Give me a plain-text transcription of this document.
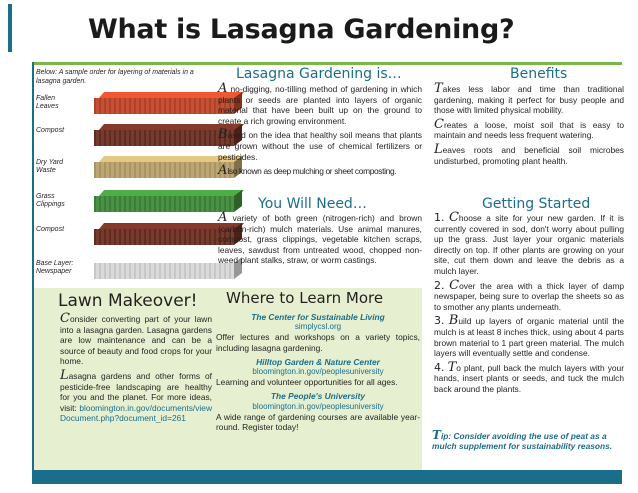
What is Lasagna Gardening?
Below: A sample order for layering of materials in a lasagna garden.
Fallen
Leaves
Compost
Dry Yard
Waste
Grass
Clippings
Compost
Base Layer:
Newspaper
Lasagna Gardening is…

A no-digging, no-tilling method of gardening in which plants or seeds are planted into layers of organic material that have been built up on the ground to create a rich growing environment.

Based on the idea that healthy soil means that plants are grown without the use of chemical fertilizers or pesticides.

Also known as deep mulching or sheet composting.

Benefits

Takes less labor and time than traditional gardening, making it perfect for busy people and those with limited physical mobility.

Creates a loose, moist soil that is easy to maintain and needs less frequent watering.

Leaves roots and beneficial soil microbes undisturbed, promoting plant health.

You Will Need…

A variety of both green (nitrogen-rich) and brown (carbon-rich) mulch materials. Use animal manures, compost, grass clippings, vegetable kitchen scraps, leaves, sawdust from untreated wood, chopped non-weed plant stalks, straw, or worm castings.

Getting Started

1. Choose a site for your new garden. If it is currently covered in sod, don't worry about pulling up the grass. Just layer your organic materials directly on top. If other plants are growing on your site, cut them down and leave the debris as a mulch layer.

2. Cover the area with a thick layer of damp newspaper, being sure to overlap the sheets so as to smother any plants underneath.

3. Build up layers of organic material until the mulch is at least 8 inches thick, using about 4 parts brown material to 1 part green material. The mulch layers will eventually settle and condense.

4. To plant, pull back the mulch layers with your hands, insert plants or seeds, and tuck the mulch back around the plants.

Tip: Consider avoiding the use of peat as a mulch supplement for sustainability reasons.
Lawn Makeover!

Consider converting part of your lawn into a lasagna garden. Lasagna gardens are low maintenance and can be a source of beauty and food crops for your home.

Lasagna gardens and other forms of pesticide-free landscaping are healthy for you and the planet. For more ideas, visit: bloomington.in.gov/documents/viewDocument.php?document_id=261

Where to Learn More
The Center for Sustainable Living
simplycsl.org
Offer lectures and workshops on a variety topics, including lasagna gardening.
Hilltop Garden & Nature Center
bloomington.in.gov/peoplesuniversity
Learning and volunteer opportunities for all ages.
The People's University
bloomington.in.gov/peoplesuniversity
A wide range of gardening courses are available year-round. Register today!
